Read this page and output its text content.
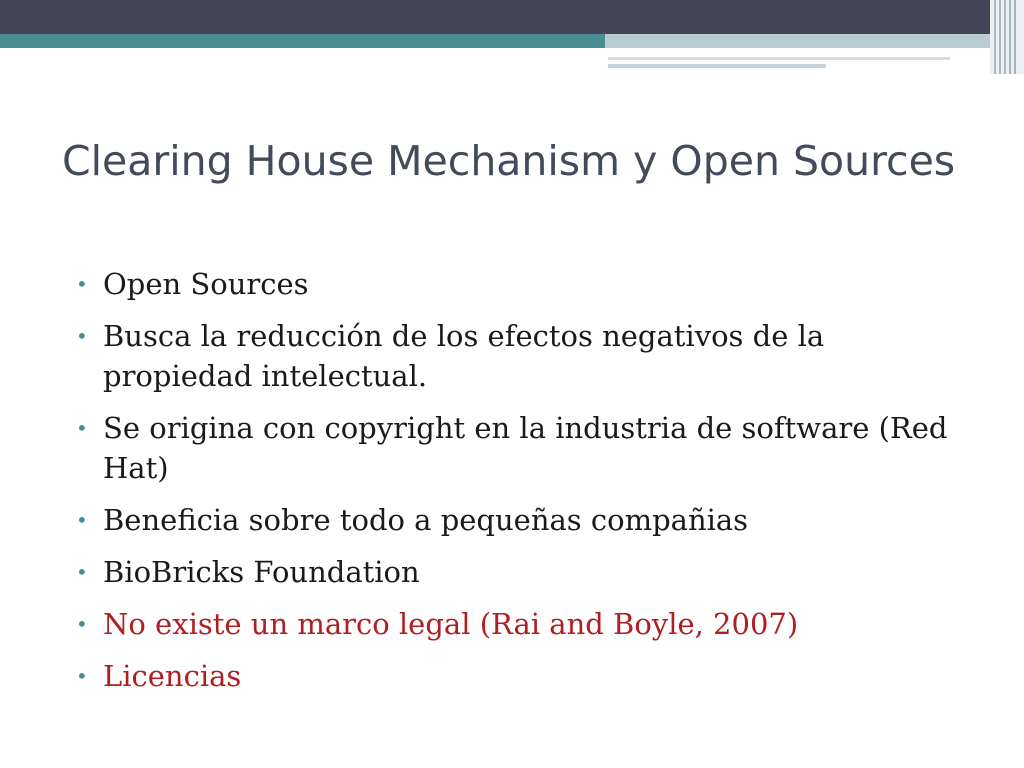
Clearing House Mechanism y Open Sources
• Open Sources
• Busca la reducción de los efectos negativos de la propiedad intelectual.
• Se origina con copyright en la industria de software (Red Hat)
• Beneficia sobre todo a pequeñas compañias
• BioBricks Foundation
• No existe un marco legal (Rai and Boyle, 2007)
• Licencias
